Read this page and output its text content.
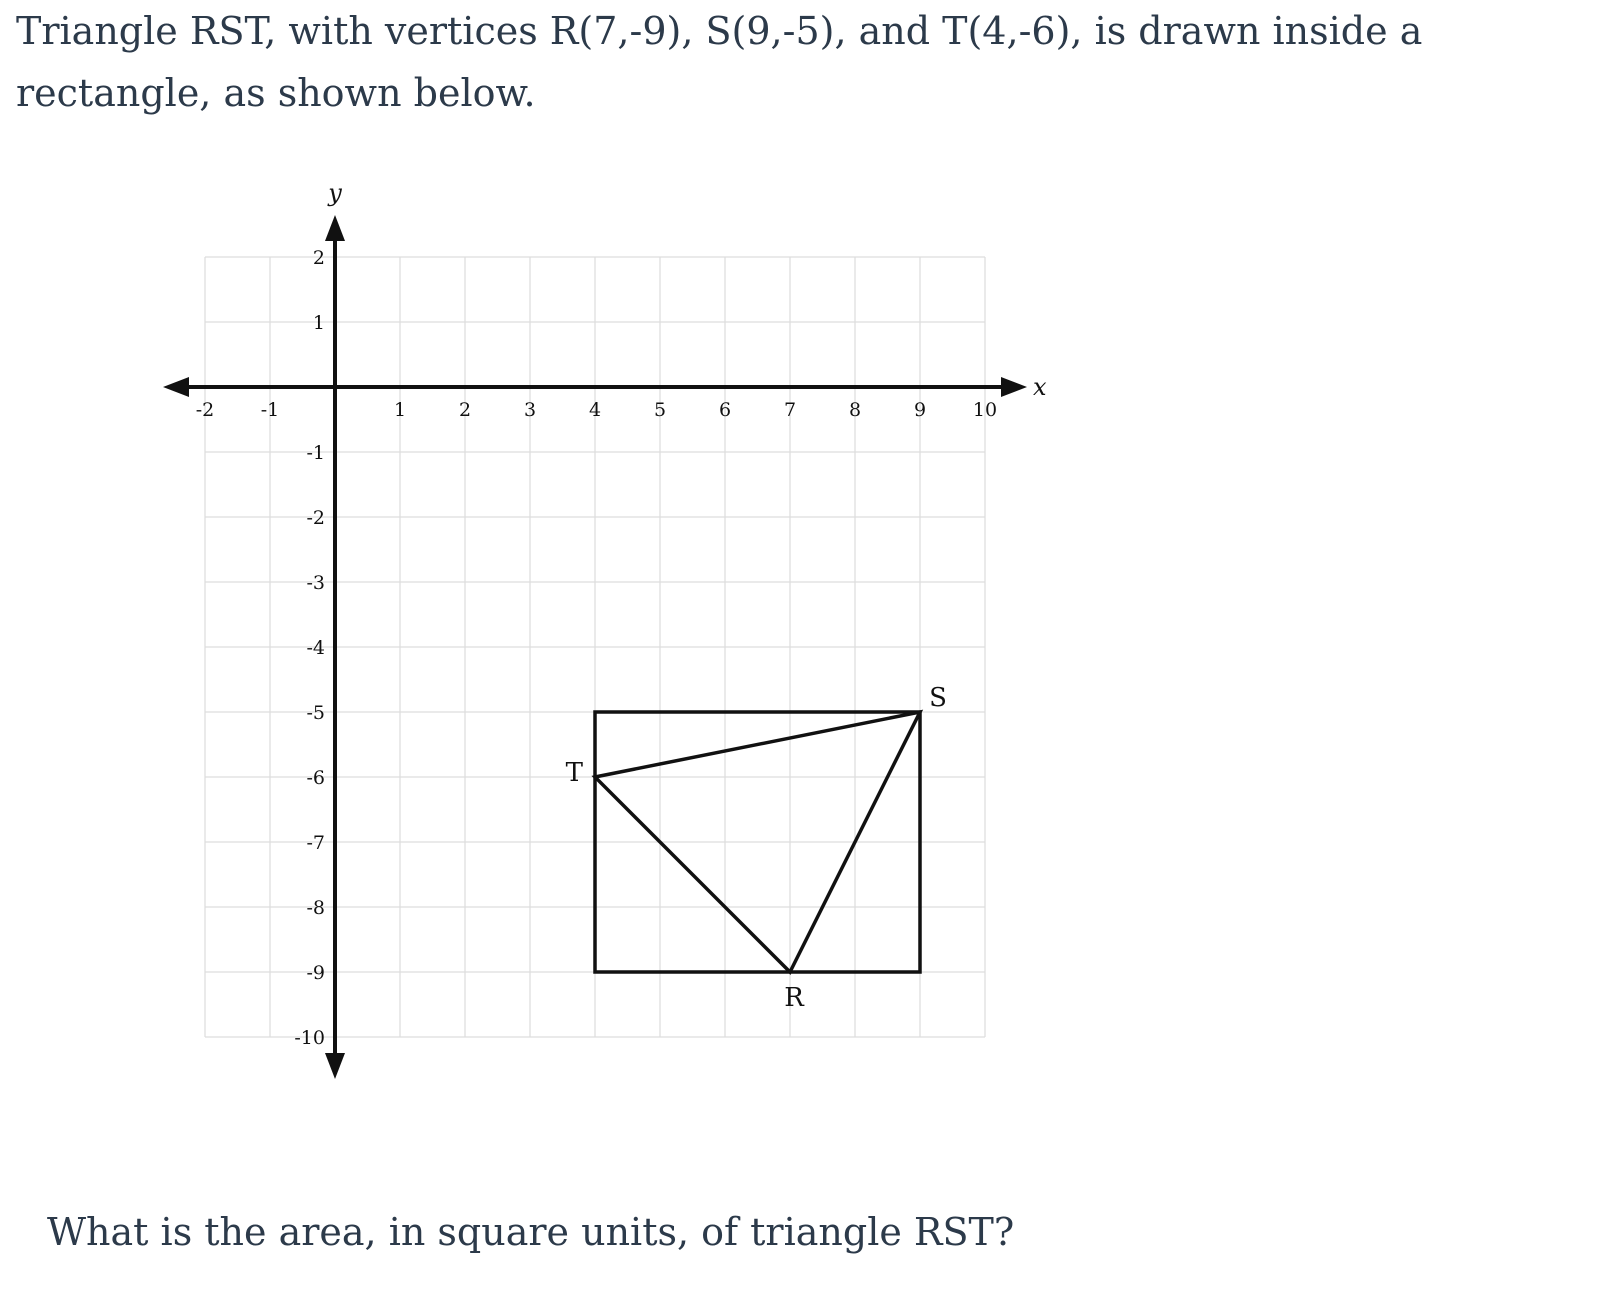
Triangle RST, with vertices R(7,-9), S(9,-5), and T(4,-6), is drawn inside a rectangle, as shown below.

x
y
-2 -1	1	2	3	4	5	6	7	8	9 10
2
1
-1
-2
-3
-4
-5
-6
-7
-8
-9
-10
R
S
T

What is the area, in square units, of triangle RST?
